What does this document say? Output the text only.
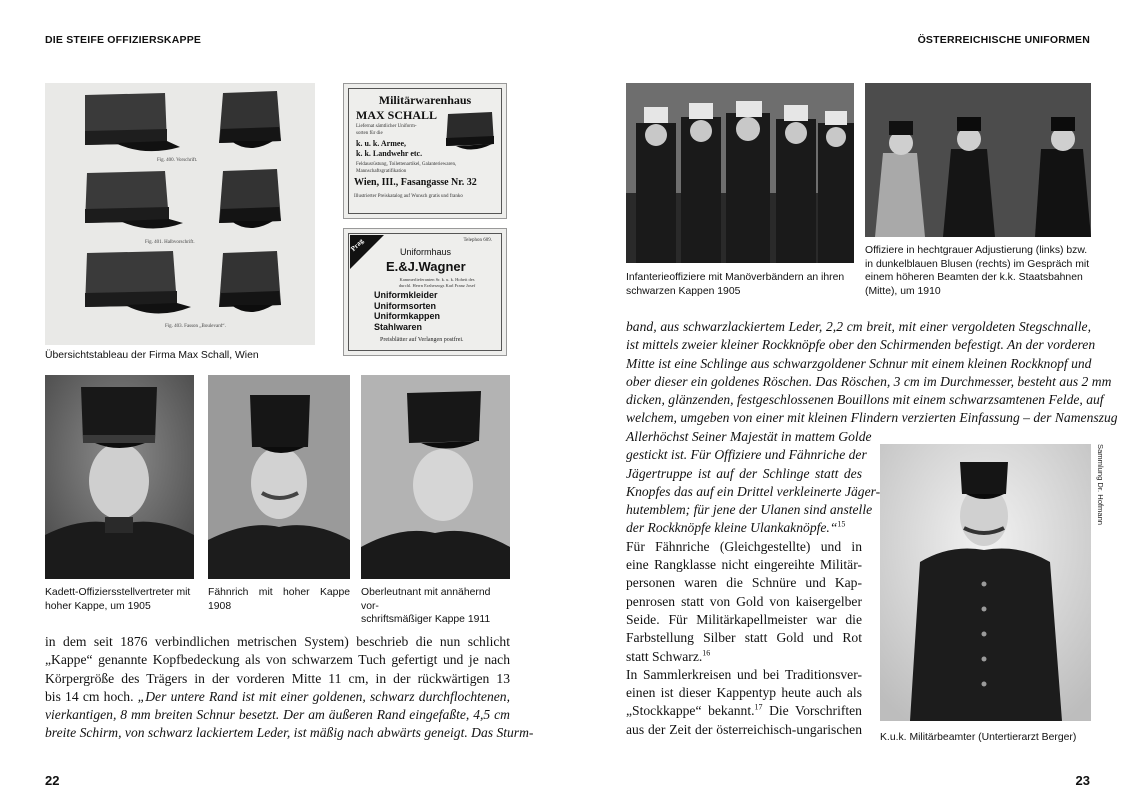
DIE STEIFE OFFIZIERSKAPPE
Fig. 400. Vorschrift.
Fig. 401. Halbvorschrift.
Fig. 403. Fasson „Boulevard“.
Militärwarenhaus
MAX SCHALL
Liefernat sämtlicher Uniform-
sorten für die
k. u. k. Armee,
k. k. Landwehr etc.
Feldausrüstung, Toilettenartikel, Galanteriewaren,
Mannschaftsgratifikation
Wien, III., Fasangasse Nr. 32
Illustrierter Preiskatalog auf Wunsch gratis und franko
Prag	Telephon 609.
Uniformhaus
E.&J.Wagner
Kammerlieferanten Sr. k. u. k. Hoheit des
durchl. Herrn Erzherzogs Karl Franz Josef
Uniformkleider
Uniformsorten
Uniformkappen
Stahlwaren
Preisblätter auf Verlangen postfrei.
Übersichtstableau der Firma Max Schall, Wien
Kadett-Offiziersstellvertreter mit
hoher Kappe, um 1905
Fähnrich mit hoher Kappe
1908
Oberleutnant mit annähernd vor-
schriftsmäßiger Kappe 1911
in dem seit 1876 verbindlichen metrischen System) beschrieb die nun schlicht
„Kappe“ genannte Kopfbedeckung als von schwarzem Tuch gefertigt und je nach
Körpergröße des Trägers in der vorderen Mitte 11 cm, in der rückwärtigen 13
bis 14 cm hoch. „Der untere Rand ist mit einer goldenen, schwarz durchflochtenen,
vierkantigen, 8 mm breiten Schnur besetzt. Der am äußeren Rand eingefaßte, 4,5 cm
breite Schirm, von schwarz lackiertem Leder, ist mäßig nach abwärts geneigt. Das Sturm-
22
ÖSTERREICHISCHE UNIFORMEN
Infanterieoffiziere mit Manöverbändern an ihren
schwarzen Kappen 1905
Offiziere in hechtgrauer Adjustierung (links) bzw.
in dunkelblauen Blusen (rechts) im Gespräch mit
einem höheren Beamten der k.k. Staatsbahnen
(Mitte), um 1910
band, aus schwarzlackiertem Leder, 2,2 cm breit, mit einer vergoldeten Stegschnalle,
ist mittels zweier kleiner Rockknöpfe ober den Schirmenden befestigt. An der vorderen
Mitte ist eine Schlinge aus schwarzgoldener Schnur mit einem kleinen Rockknopf und
ober dieser ein goldenes Röschen. Das Röschen, 3 cm im Durchmesser, besteht aus 2 mm
dicken, glänzenden, festgeschlossenen Bouillons mit einem schwarzsamtenen Felde, auf
welchem, umgeben von einer mit kleinen Flindern verzierten Einfassung – der Namenszug
Allerhöchst Seiner Majestät in mattem Golde
gestickt ist. Für Offiziere und Fähnriche der
Jägertruppe ist auf der Schlinge statt des
Knopfes das auf ein Drittel verkleinerte Jäger-
hutemblem; für jene der Ulanen sind anstelle
der Rockknöpfe kleine Ulankaknöpfe.“$^{15}$
Für Fähnriche (Gleichgestellte) und in
eine Rangklasse nicht eingereihte Militär-
personen waren die Schnüre und Kap-
penrosen statt von Gold von kaisergelber
Seide. Für Militärkapellmeister war die
Farbstellung Silber statt Gold und Rot
statt Schwarz.$^{16}$
In Sammlerkreisen und bei Traditionsver-
einen ist dieser Kappentyp heute auch als
„Stockkappe“ bekannt.$^{17}$ Die Vorschriften
aus der Zeit der österreichisch-ungarischen
Sammlung Dr. Hofmann
K.u.k. Militärbeamter (Untertierarzt Berger)
23
